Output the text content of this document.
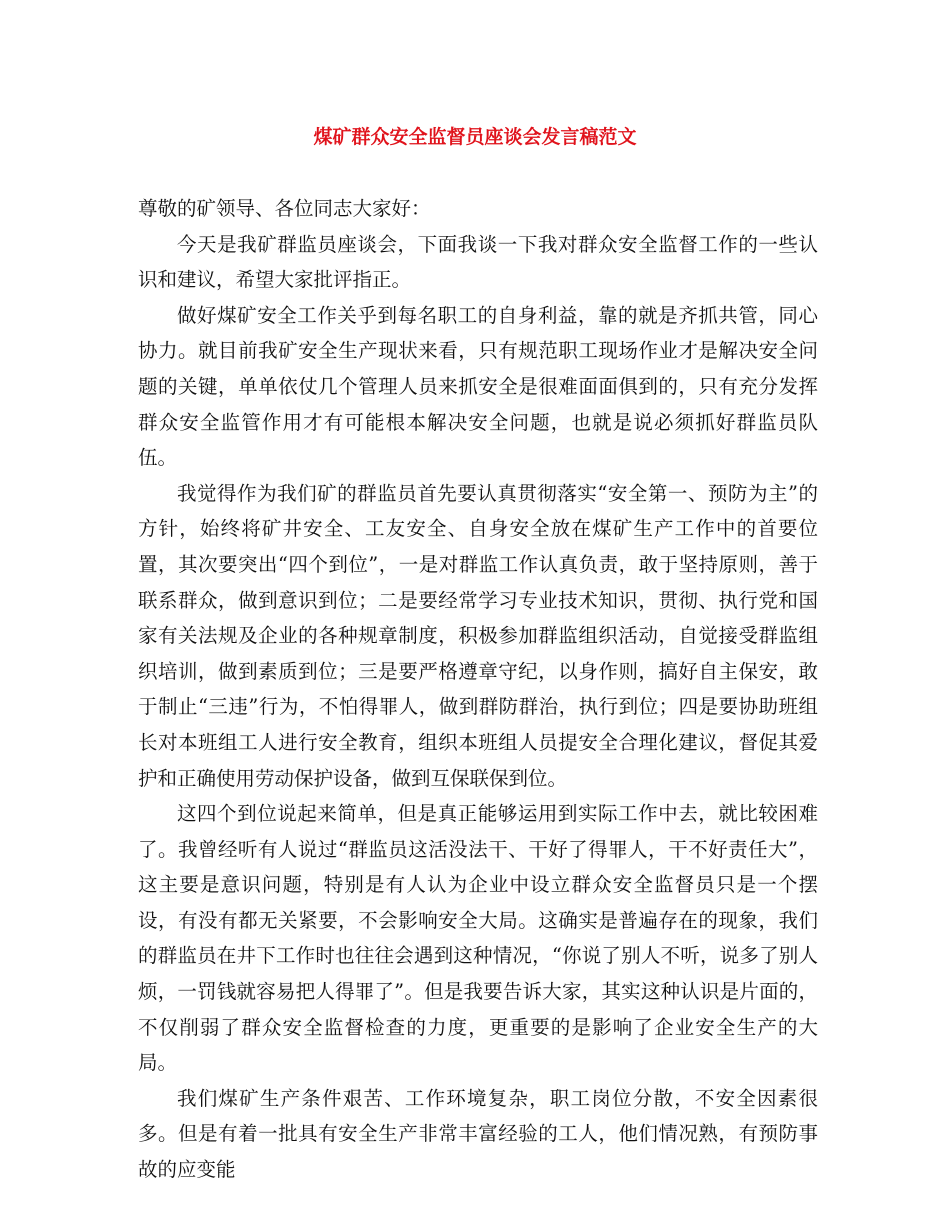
煤矿群众安全监督员座谈会发言稿范文

尊敬的矿领导、各位同志大家好：

今天是我矿群监员座谈会，下面我谈一下我对群众安全监督工作的一些认识和建议，希望大家批评指正。

做好煤矿安全工作关乎到每名职工的自身利益，靠的就是齐抓共管，同心协力。就目前我矿安全生产现状来看，只有规范职工现场作业才是解决安全问题的关键，单单依仗几个管理人员来抓安全是很难面面俱到的，只有充分发挥群众安全监管作用才有可能根本解决安全问题，也就是说必须抓好群监员队伍。

我觉得作为我们矿的群监员首先要认真贯彻落实“安全第一、预防为主”的方针，始终将矿井安全、工友安全、自身安全放在煤矿生产工作中的首要位置，其次要突出“四个到位”，一是对群监工作认真负责，敢于坚持原则，善于联系群众，做到意识到位；二是要经常学习专业技术知识，贯彻、执行党和国家有关法规及企业的各种规章制度，积极参加群监组织活动，自觉接受群监组织培训，做到素质到位；三是要严格遵章守纪，以身作则，搞好自主保安，敢于制止“三违”行为，不怕得罪人，做到群防群治，执行到位；四是要协助班组长对本班组工人进行安全教育，组织本班组人员提安全合理化建议，督促其爱护和正确使用劳动保护设备，做到互保联保到位。

这四个到位说起来简单，但是真正能够运用到实际工作中去，就比较困难了。我曾经听有人说过“群监员这活没法干、干好了得罪人，干不好责任大”，这主要是意识问题，特别是有人认为企业中设立群众安全监督员只是一个摆设，有没有都无关紧要，不会影响安全大局。这确实是普遍存在的现象，我们的群监员在井下工作时也往往会遇到这种情况，“你说了别人不听，说多了别人烦，一罚钱就容易把人得罪了”。但是我要告诉大家，其实这种认识是片面的，不仅削弱了群众安全监督检查的力度，更重要的是影响了企业安全生产的大局。

我们煤矿生产条件艰苦、工作环境复杂，职工岗位分散，不安全因素很多。但是有着一批具有安全生产非常丰富经验的工人，他们情况熟，有预防事故的应变能
